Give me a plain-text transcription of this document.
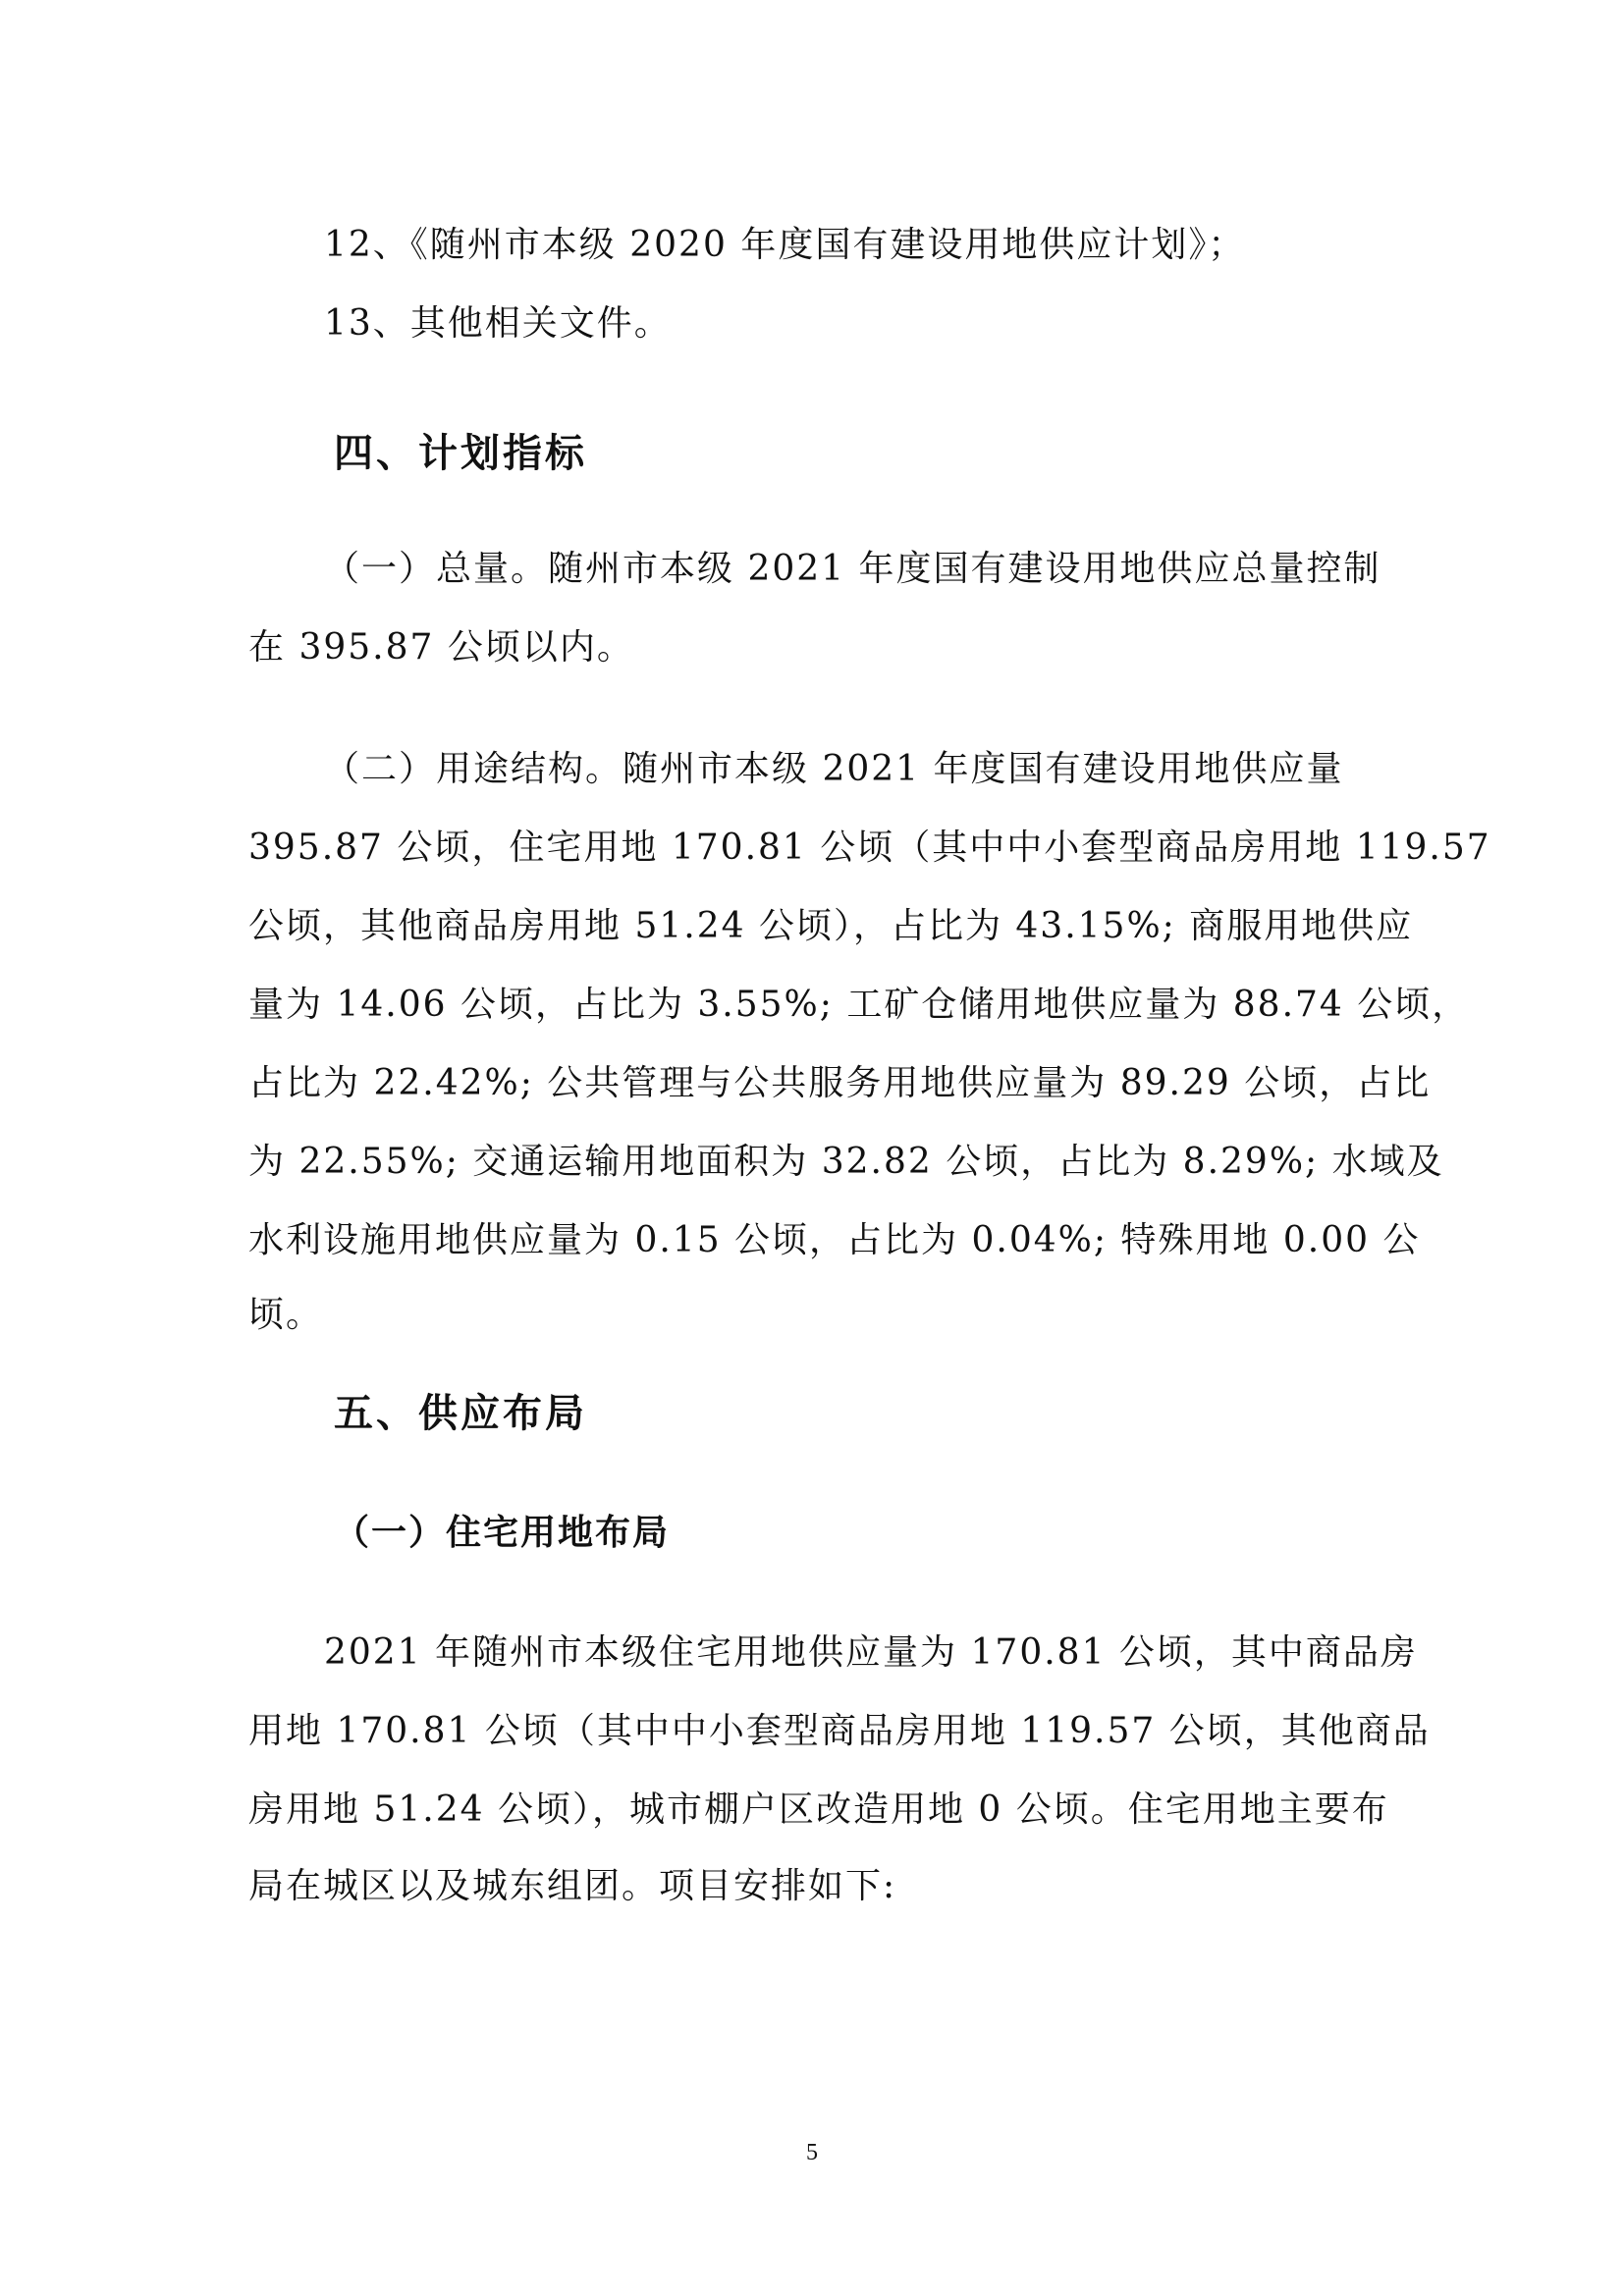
12、《随州市本级 2020 年度国有建设用地供应计划》；
13、其他相关文件。
四、计划指标
（一）总量。随州市本级 2021 年度国有建设用地供应总量控制
在 395.87 公顷以内。
（二）用途结构。随州市本级 2021 年度国有建设用地供应量
395.87 公顷，住宅用地 170.81 公顷（其中中小套型商品房用地 119.57
公顷，其他商品房用地 51.24 公顷），占比为 43.15%; 商服用地供应
量为 14.06 公顷，占比为 3.55%; 工矿仓储用地供应量为 88.74 公顷，
占比为 22.42%; 公共管理与公共服务用地供应量为 89.29 公顷，占比
为 22.55%; 交通运输用地面积为 32.82 公顷，占比为 8.29%; 水域及
水利设施用地供应量为 0.15 公顷，占比为 0.04%; 特殊用地 0.00 公
顷。
五、供应布局
（一）住宅用地布局
2021 年随州市本级住宅用地供应量为 170.81 公顷，其中商品房
用地 170.81 公顷（其中中小套型商品房用地 119.57 公顷，其他商品
房用地 51.24 公顷），城市棚户区改造用地 0 公顷。住宅用地主要布
局在城区以及城东组团。项目安排如下:
5
